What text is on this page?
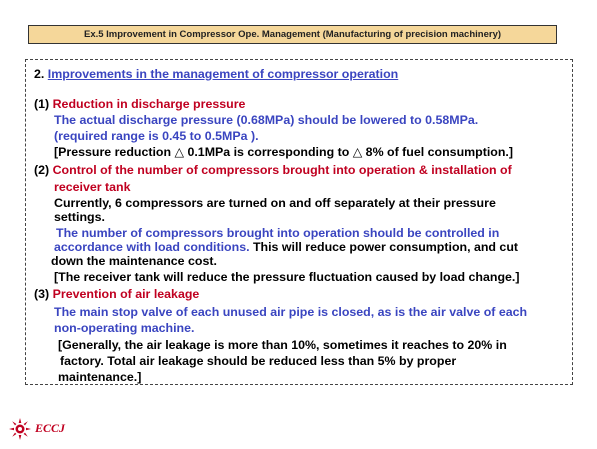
Ex.5 Improvement in Compressor Ope. Management (Manufacturing of precision machinery)
2. Improvements in the management of compressor operation
(1) Reduction in discharge pressure
The actual discharge pressure (0.68MPa) should be lowered to 0.58MPa.
(required range is 0.45 to 0.5MPa ).
[Pressure reduction △ 0.1MPa is corresponding to △ 8% of fuel consumption.]
(2) Control of the number of compressors brought into operation & installation of
receiver tank
Currently, 6 compressors are turned on and off separately at their pressure
settings.
The number of compressors brought into operation should be controlled in
accordance with load conditions. This will reduce power consumption, and cut
down the maintenance cost.
[The receiver tank will reduce the pressure fluctuation caused by load change.]
(3) Prevention of air leakage
The main stop valve of each unused air pipe is closed, as is the air valve of each
non-operating machine.
[Generally, the air leakage is more than 10%, sometimes it reaches to 20% in
factory. Total air leakage should be reduced less than 5% by proper
maintenance.]
ECCJ
